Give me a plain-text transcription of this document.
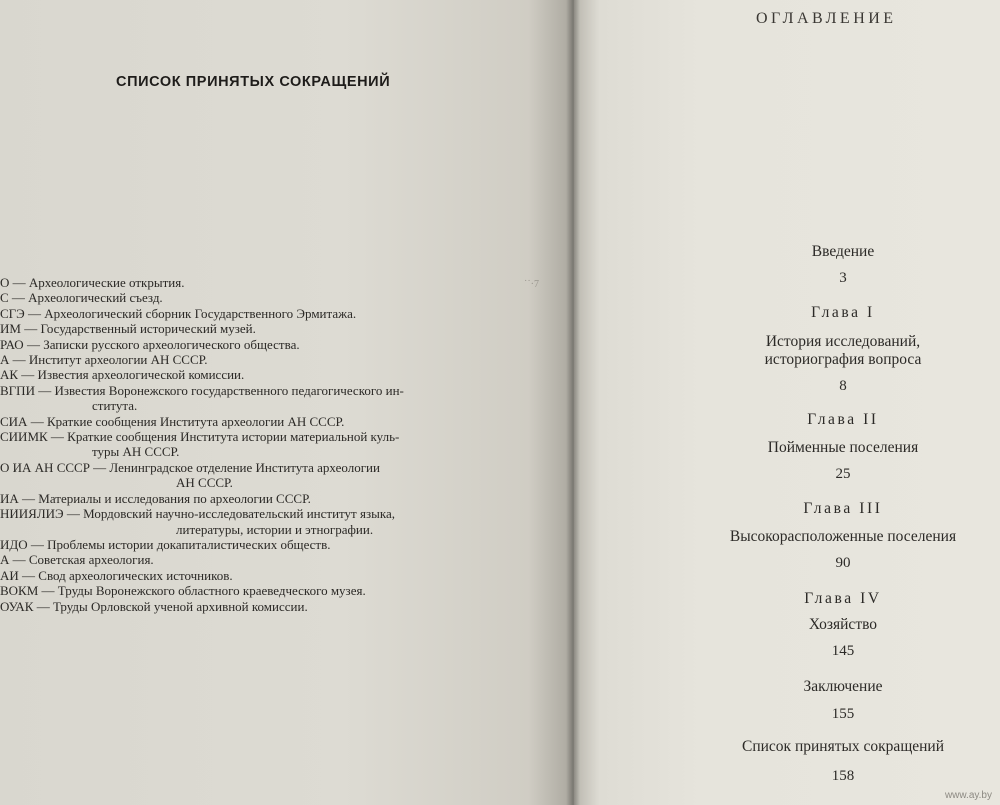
СПИСОК ПРИНЯТЫХ СОКРАЩЕНИЙ
˙˙·7
О — Археологические открытия.
С — Археологический съезд.
СГЭ — Археологический сборник Государственного Эрмитажа.
ИМ — Государственный исторический музей.
РАО — Записки русского археологического общества.
А — Институт археологии АН СССР.
АК — Известия археологической комиссии.
ВГПИ — Известия Воронежского государственного педагогического ин-
ститута.
СИА — Краткие сообщения Института археологии АН СССР.
СИИМК — Краткие сообщения Института истории материальной куль-
туры АН СССР.
О ИА АН СССР — Ленинградское отделение Института археологии
АН СССР.
ИА — Материалы и исследования по археологии СССР.
НИИЯЛИЭ — Мордовский научно-исследовательский институт языка,
литературы, истории и этнографии.
ИДО — Проблемы истории докапиталистических обществ.
А — Советская археология.
АИ — Свод археологических источников.
ВОКМ — Труды Воронежского областного краеведческого музея.
ОУАК — Труды Орловской ученой архивной комиссии.
ОГЛАВЛЕНИЕ
Введение
3
Глава I
История исследований,
историография вопроса
8
Глава II
Пойменные поселения
25
Глава III
Высокорасположенные поселения
90
Глава IV
Хозяйство
145
Заключение
155
Список принятых сокращений
158
www.ay.by
